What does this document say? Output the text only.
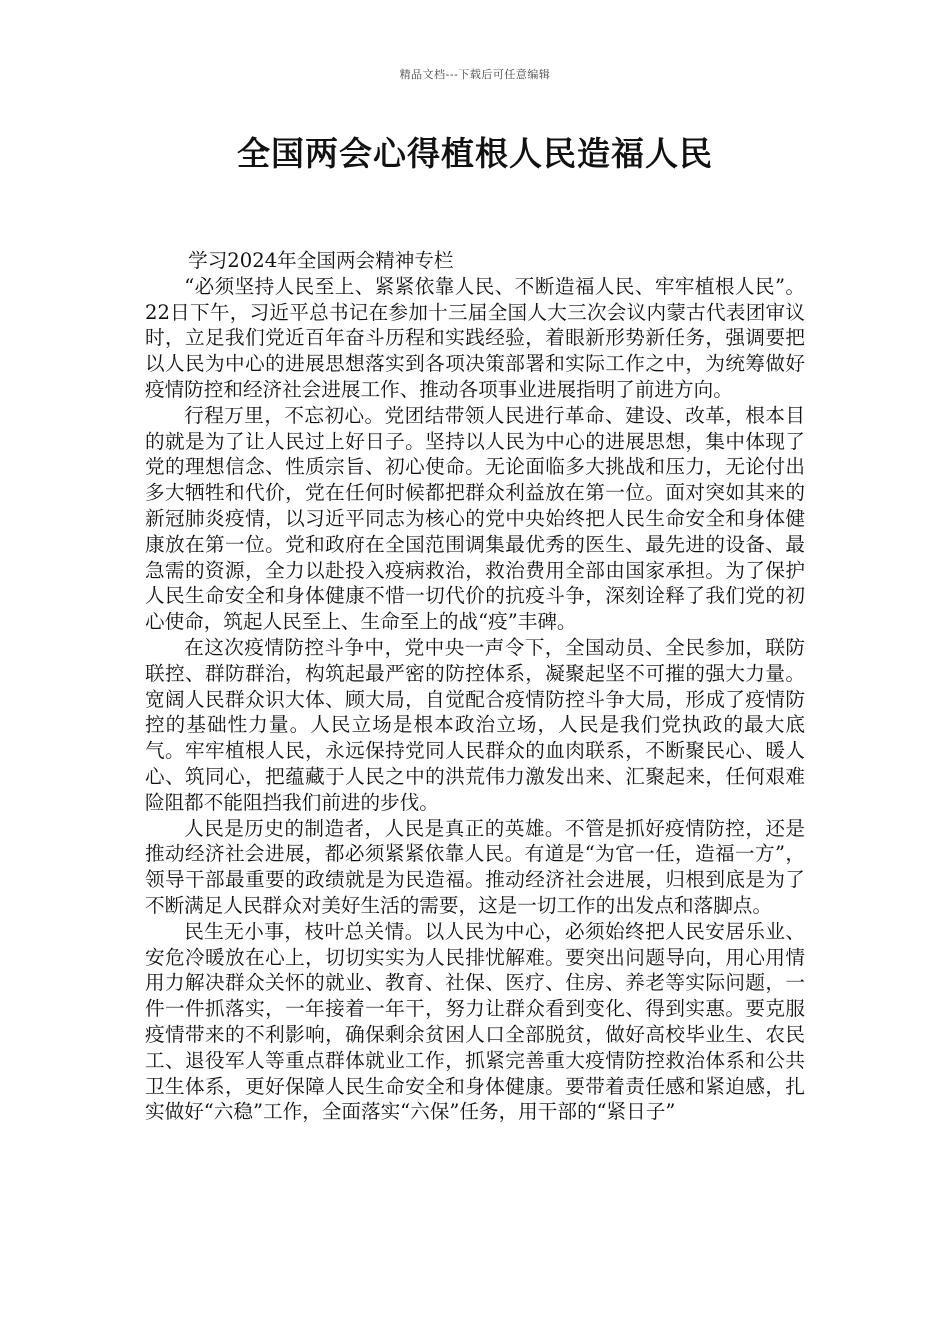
精品文档---下载后可任意编辑
全国两会心得植根人民造福人民

学习2024年全国两会精神专栏

“必须坚持人民至上、紧紧依靠人民、不断造福人民、牢牢植根人民”。22日下午，习近平总书记在参加十三届全国人大三次会议内蒙古代表团审议时，立足我们党近百年奋斗历程和实践经验，着眼新形势新任务，强调要把以人民为中心的进展思想落实到各项决策部署和实际工作之中，为统筹做好疫情防控和经济社会进展工作、推动各项事业进展指明了前进方向。

行程万里，不忘初心。党团结带领人民进行革命、建设、改革，根本目的就是为了让人民过上好日子。坚持以人民为中心的进展思想，集中体现了党的理想信念、性质宗旨、初心使命。无论面临多大挑战和压力，无论付出多大牺牲和代价，党在任何时候都把群众利益放在第一位。面对突如其来的新冠肺炎疫情，以习近平同志为核心的党中央始终把人民生命安全和身体健康放在第一位。党和政府在全国范围调集最优秀的医生、最先进的设备、最急需的资源，全力以赴投入疫病救治，救治费用全部由国家承担。为了保护人民生命安全和身体健康不惜一切代价的抗疫斗争，深刻诠释了我们党的初心使命，筑起人民至上、生命至上的战“疫”丰碑。

在这次疫情防控斗争中，党中央一声令下，全国动员、全民参加，联防联控、群防群治，构筑起最严密的防控体系，凝聚起坚不可摧的强大力量。宽阔人民群众识大体、顾大局，自觉配合疫情防控斗争大局，形成了疫情防控的基础性力量。人民立场是根本政治立场，人民是我们党执政的最大底气。牢牢植根人民，永远保持党同人民群众的血肉联系，不断聚民心、暖人心、筑同心，把蕴藏于人民之中的洪荒伟力激发出来、汇聚起来，任何艰难险阻都不能阻挡我们前进的步伐。

人民是历史的制造者，人民是真正的英雄。不管是抓好疫情防控，还是推动经济社会进展，都必须紧紧依靠人民。有道是“为官一任，造福一方”，领导干部最重要的政绩就是为民造福。推动经济社会进展，归根到底是为了不断满足人民群众对美好生活的需要，这是一切工作的出发点和落脚点。

民生无小事，枝叶总关情。以人民为中心，必须始终把人民安居乐业、安危冷暖放在心上，切切实实为人民排忧解难。要突出问题导向，用心用情用力解决群众关怀的就业、教育、社保、医疗、住房、养老等实际问题，一件一件抓落实，一年接着一年干，努力让群众看到变化、得到实惠。要克服疫情带来的不利影响，确保剩余贫困人口全部脱贫，做好高校毕业生、农民工、退役军人等重点群体就业工作，抓紧完善重大疫情防控救治体系和公共卫生体系，更好保障人民生命安全和身体健康。要带着责任感和紧迫感，扎实做好“六稳”工作，全面落实“六保”任务，用干部的“紧日子”
